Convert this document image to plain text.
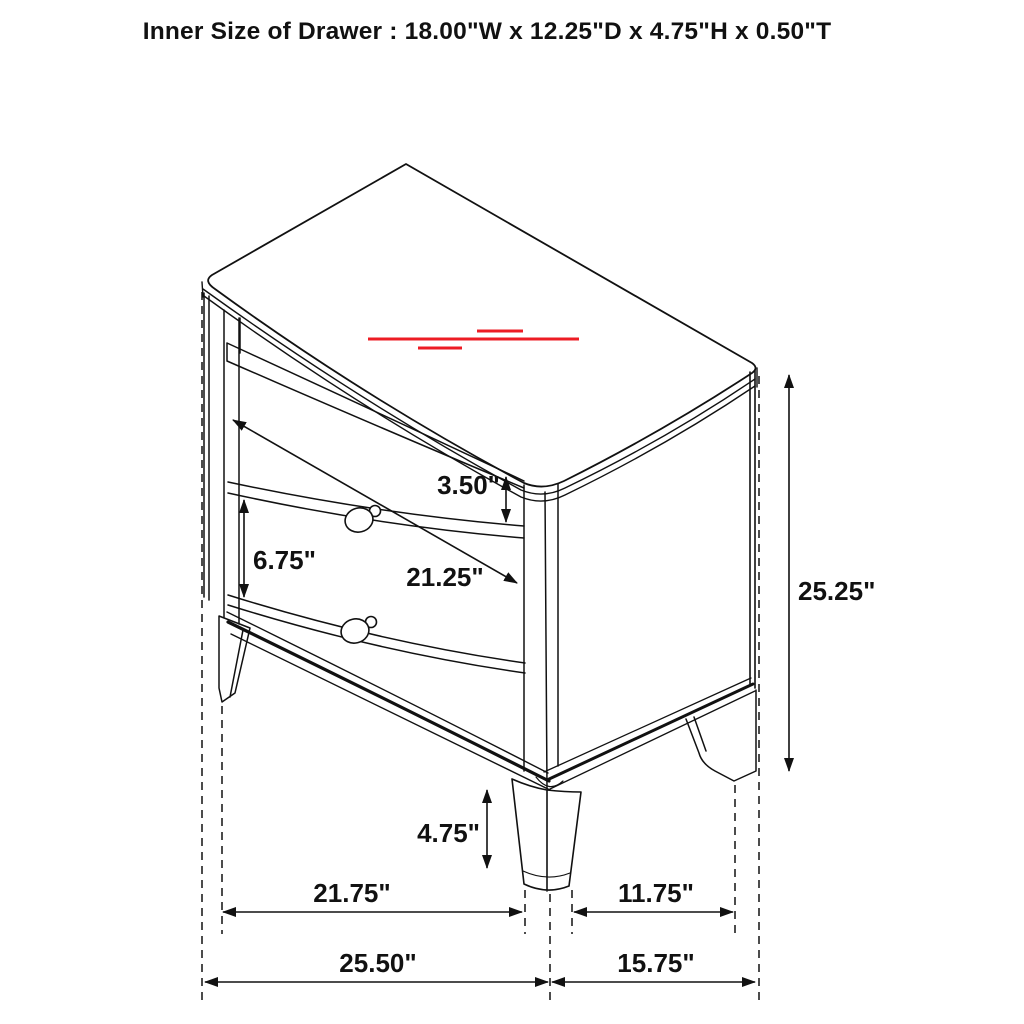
Inner Size of Drawer : 18.00"W x 12.25"D x 4.75"H x 0.50"T
3.50"
6.75"
21.25"	25.25"
4.75"
21.75"	11.75"
25.50"	15.75"
